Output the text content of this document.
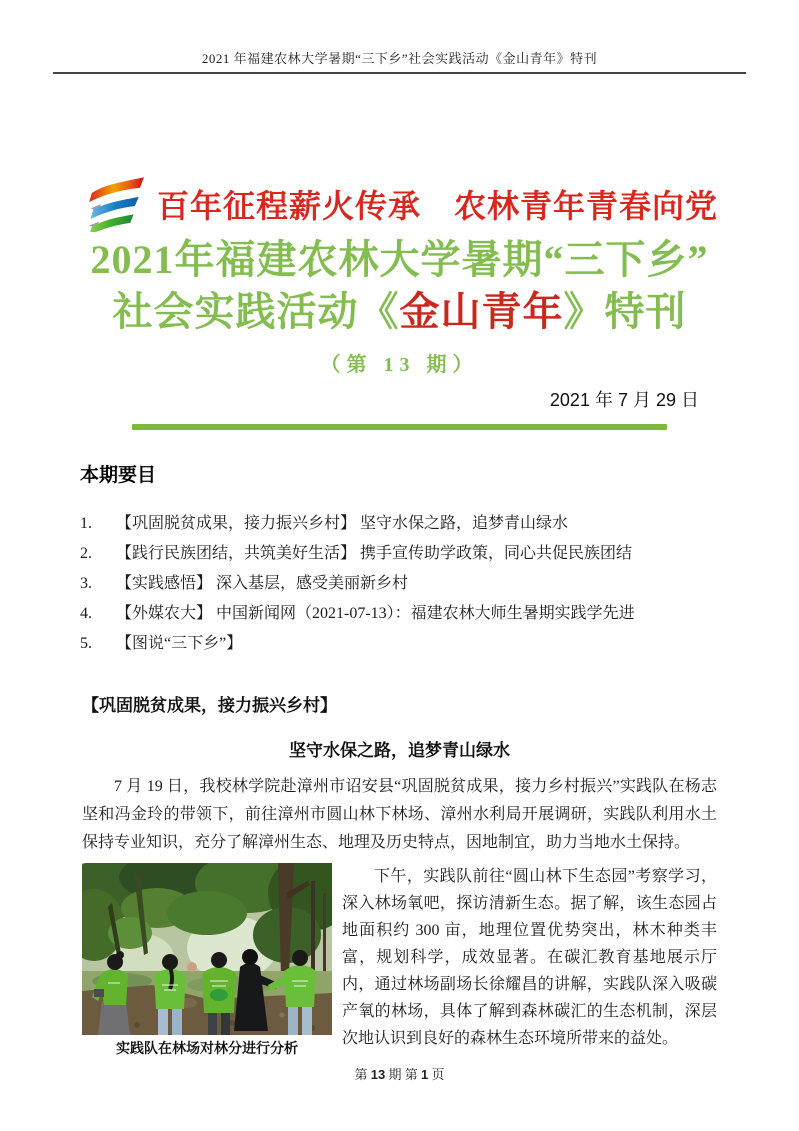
2021 年福建农林大学暑期“三下乡”社会实践活动《金山青年》特刊
百年征程薪火传承　农林青年青春向党
2021年福建农林大学暑期“三下乡”
社会实践活动《金山青年》特刊
（第 13 期）
2021 年 7 月 29 日
本期要目
1.	【巩固脱贫成果，接力振兴乡村】 坚守水保之路，追梦青山绿水
2.	【践行民族团结，共筑美好生活】 携手宣传助学政策，同心共促民族团结
3.	【实践感悟】 深入基层，感受美丽新乡村
4.	【外媒农大】 中国新闻网（2021-07-13）：福建农林大师生暑期实践学先进
5.	【图说“三下乡”】
【巩固脱贫成果，接力振兴乡村】
坚守水保之路，追梦青山绿水

7 月 19 日，我校林学院赴漳州市诏安县“巩固脱贫成果，接力乡村振兴”实践队在杨志坚和冯金玲的带领下，前往漳州市圆山林下林场、漳州水利局开展调研，实践队利用水土保持专业知识，充分了解漳州生态、地理及历史特点，因地制宜，助力当地水土保持。

实践队在林场对林分进行分析

下午，实践队前往“圆山林下生态园”考察学习，深入林场氧吧，探访清新生态。据了解，该生态园占地面积约 300 亩，地理位置优势突出，林木种类丰富，规划科学，成效显著。在碳汇教育基地展示厅内，通过林场副场长徐耀昌的讲解，实践队深入吸碳产氧的林场，具体了解到森林碳汇的生态机制，深层次地认识到良好的森林生态环境所带来的益处。

第 13 期 第 1 页
